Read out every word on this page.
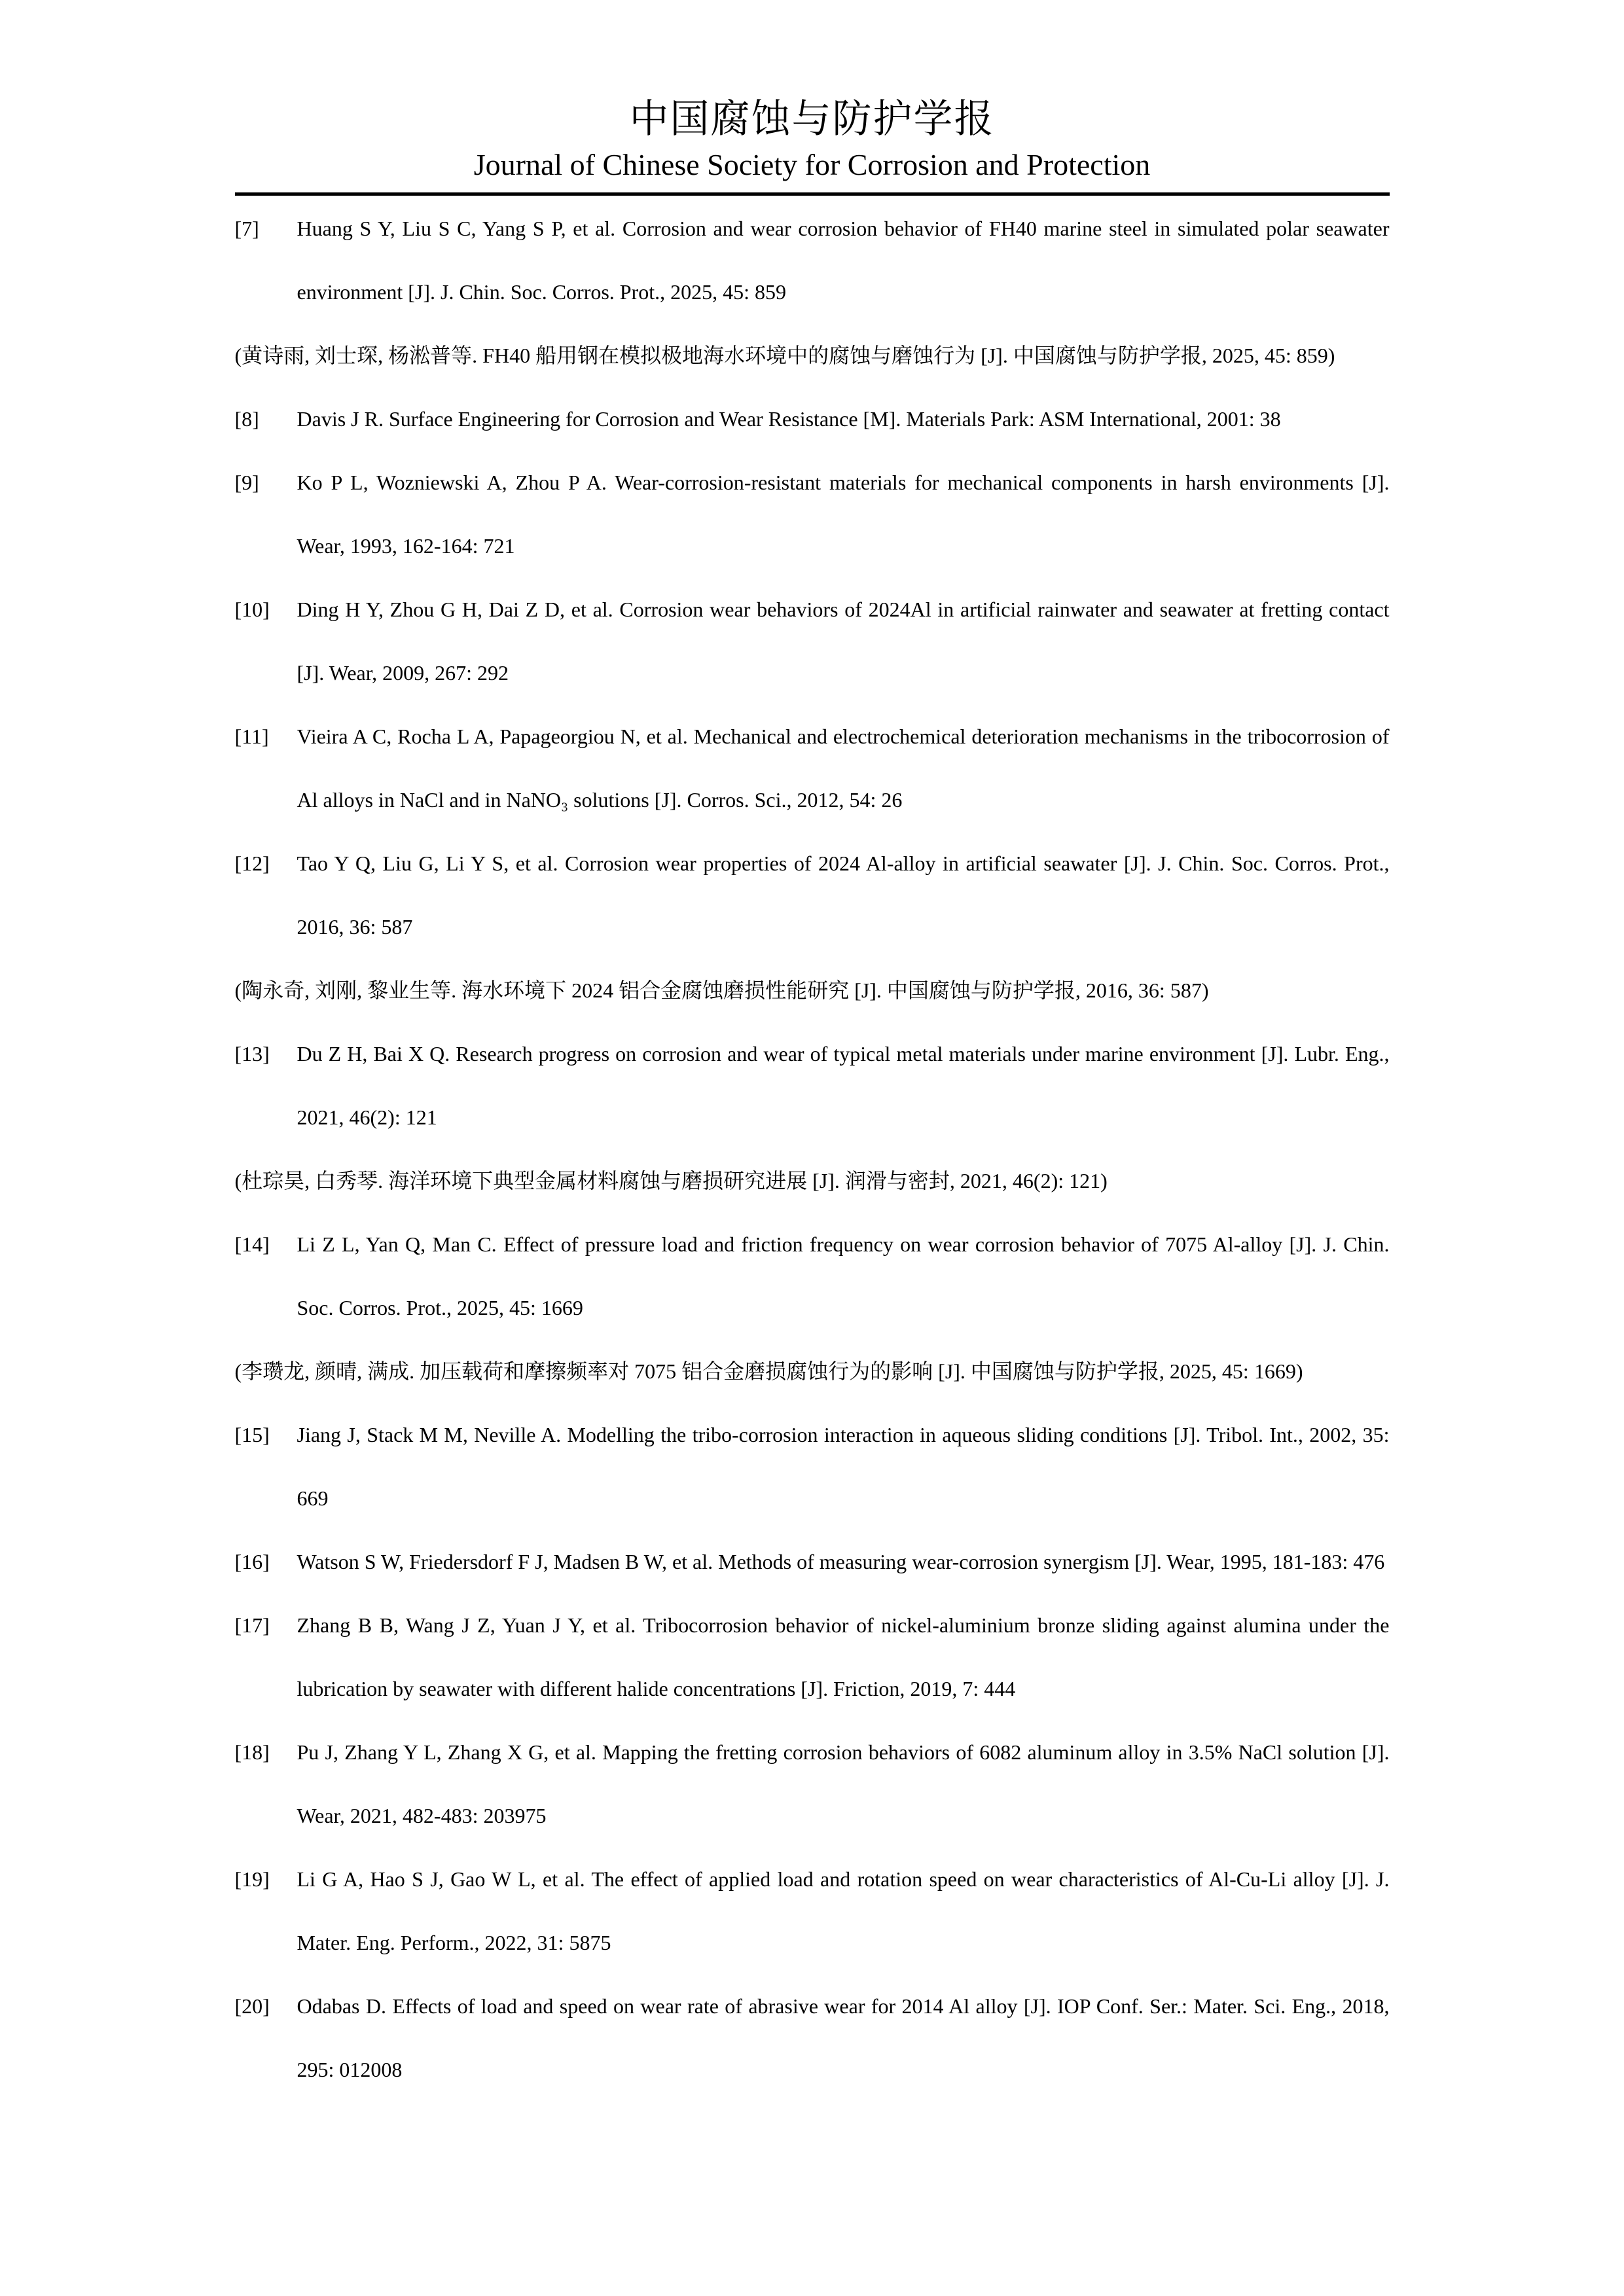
中国腐蚀与防护学报
Journal of Chinese Society for Corrosion and Protection
[7] Huang S Y, Liu S C, Yang S P, et al. Corrosion and wear corrosion behavior of FH40 marine steel in simulated polar seawater environment [J]. J. Chin. Soc. Corros. Prot., 2025, 45: 859
(黄诗雨, 刘士琛, 杨淞普等. FH40 船用钢在模拟极地海水环境中的腐蚀与磨蚀行为 [J]. 中国腐蚀与防护学报, 2025, 45: 859)
[8] Davis J R. Surface Engineering for Corrosion and Wear Resistance [M]. Materials Park: ASM International, 2001: 38
[9] Ko P L, Wozniewski A, Zhou P A. Wear-corrosion-resistant materials for mechanical components in harsh environments [J]. Wear, 1993, 162-164: 721
[10] Ding H Y, Zhou G H, Dai Z D, et al. Corrosion wear behaviors of 2024Al in artificial rainwater and seawater at fretting contact [J]. Wear, 2009, 267: 292
[11] Vieira A C, Rocha L A, Papageorgiou N, et al. Mechanical and electrochemical deterioration mechanisms in the tribocorrosion of Al alloys in NaCl and in NaNO₃ solutions [J]. Corros. Sci., 2012, 54: 26
[12] Tao Y Q, Liu G, Li Y S, et al. Corrosion wear properties of 2024 Al-alloy in artificial seawater [J]. J. Chin. Soc. Corros. Prot., 2016, 36: 587
(陶永奇, 刘刚, 黎业生等. 海水环境下 2024 铝合金腐蚀磨损性能研究 [J]. 中国腐蚀与防护学报, 2016, 36: 587)
[13] Du Z H, Bai X Q. Research progress on corrosion and wear of typical metal materials under marine environment [J]. Lubr. Eng., 2021, 46(2): 121
(杜琮昊, 白秀琴. 海洋环境下典型金属材料腐蚀与磨损研究进展 [J]. 润滑与密封, 2021, 46(2): 121)
[14] Li Z L, Yan Q, Man C. Effect of pressure load and friction frequency on wear corrosion behavior of 7075 Al-alloy [J]. J. Chin. Soc. Corros. Prot., 2025, 45: 1669
(李瓒龙, 颜晴, 满成. 加压载荷和摩擦频率对 7075 铝合金磨损腐蚀行为的影响 [J]. 中国腐蚀与防护学报, 2025, 45: 1669)
[15] Jiang J, Stack M M, Neville A. Modelling the tribo-corrosion interaction in aqueous sliding conditions [J]. Tribol. Int., 2002, 35: 669
[16] Watson S W, Friedersdorf F J, Madsen B W, et al. Methods of measuring wear-corrosion synergism [J]. Wear, 1995, 181-183: 476
[17] Zhang B B, Wang J Z, Yuan J Y, et al. Tribocorrosion behavior of nickel-aluminium bronze sliding against alumina under the lubrication by seawater with different halide concentrations [J]. Friction, 2019, 7: 444
[18] Pu J, Zhang Y L, Zhang X G, et al. Mapping the fretting corrosion behaviors of 6082 aluminum alloy in 3.5% NaCl solution [J]. Wear, 2021, 482-483: 203975
[19] Li G A, Hao S J, Gao W L, et al. The effect of applied load and rotation speed on wear characteristics of Al-Cu-Li alloy [J]. J. Mater. Eng. Perform., 2022, 31: 5875
[20] Odabas D. Effects of load and speed on wear rate of abrasive wear for 2014 Al alloy [J]. IOP Conf. Ser.: Mater. Sci. Eng., 2018, 295: 012008
